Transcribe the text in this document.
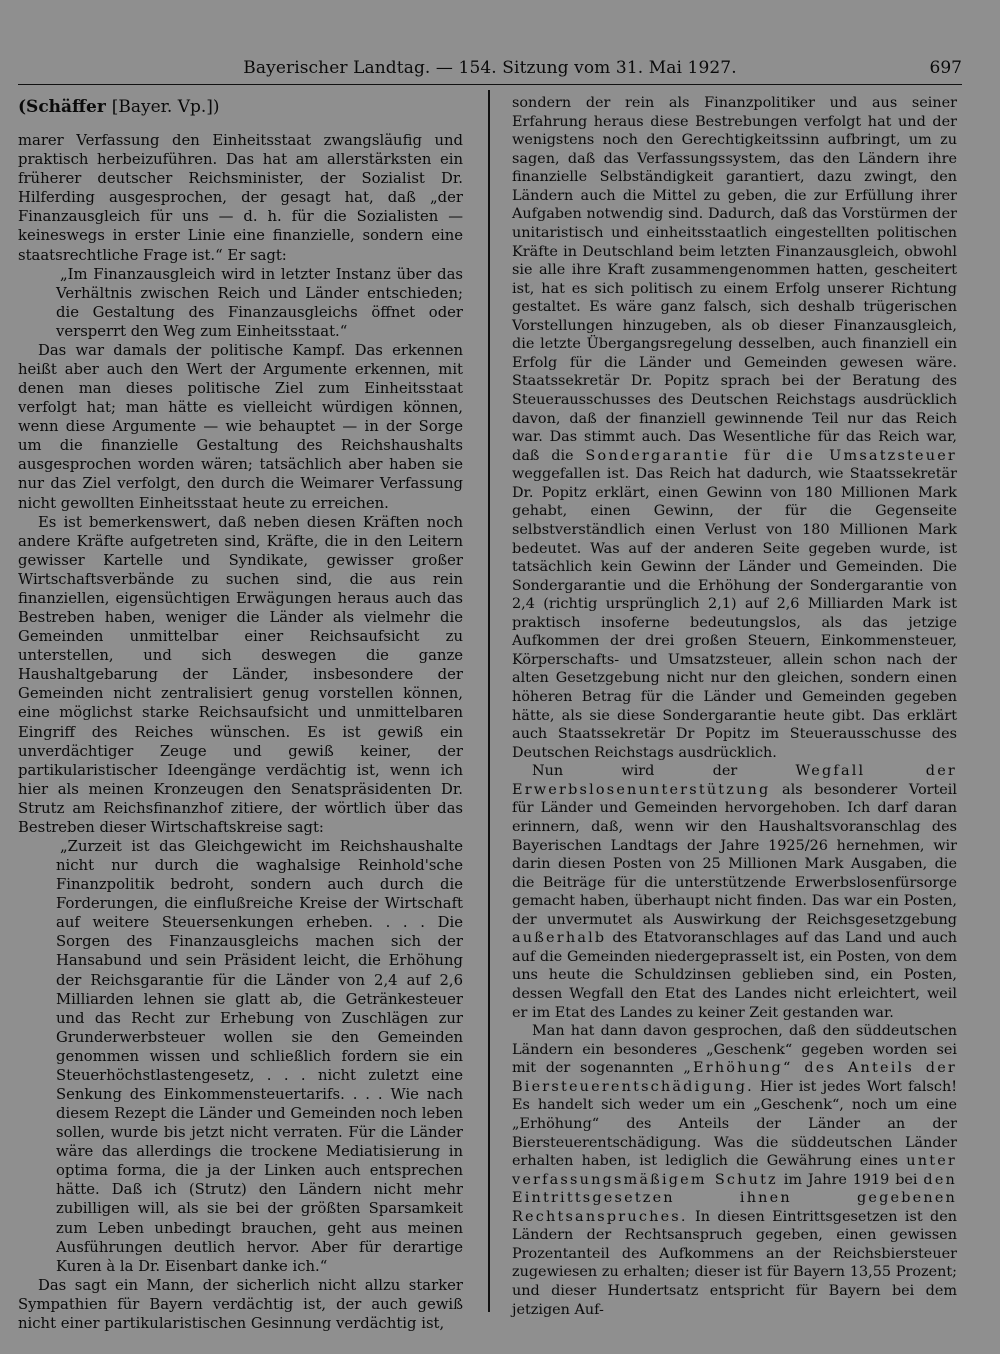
Bayerischer Landtag. — 154. Sitzung vom 31. Mai 1927.	697
(Schäffer [Bayer. Vp.])

marer Verfassung den Einheitsstaat zwangsläufig und praktisch herbeizuführen. Das hat am allerstärksten ein früherer deutscher Reichsminister, der Sozialist Dr. Hilferding ausgesprochen, der gesagt hat, daß „der Finanzausgleich für uns — d. h. für die Sozialisten — keineswegs in erster Linie eine finanzielle, sondern eine staatsrechtliche Frage ist.“ Er sagt:

„Im Finanzausgleich wird in letzter Instanz über das Verhältnis zwischen Reich und Länder entschieden; die Gestaltung des Finanzausgleichs öffnet oder versperrt den Weg zum Einheitsstaat.“

Das war damals der politische Kampf. Das erkennen heißt aber auch den Wert der Argumente erkennen, mit denen man dieses politische Ziel zum Einheitsstaat verfolgt hat; man hätte es vielleicht würdigen können, wenn diese Argumente — wie behauptet — in der Sorge um die finanzielle Gestaltung des Reichshaushalts ausgesprochen worden wären; tatsächlich aber haben sie nur das Ziel verfolgt, den durch die Weimarer Verfassung nicht gewollten Einheitsstaat heute zu erreichen.

Es ist bemerkenswert, daß neben diesen Kräften noch andere Kräfte aufgetreten sind, Kräfte, die in den Leitern gewisser Kartelle und Syndikate, gewisser großer Wirtschaftsverbände zu suchen sind, die aus rein finanziellen, eigensüchtigen Erwägungen heraus auch das Bestreben haben, weniger die Länder als vielmehr die Gemeinden unmittelbar einer Reichsaufsicht zu unterstellen, und sich deswegen die ganze Haushaltgebarung der Länder, insbesondere der Gemeinden nicht zentralisiert genug vorstellen können, eine möglichst starke Reichsaufsicht und unmittelbaren Eingriff des Reiches wünschen. Es ist gewiß ein unverdächtiger Zeuge und gewiß keiner, der partikularistischer Ideengänge verdächtig ist, wenn ich hier als meinen Kronzeugen den Senatspräsidenten Dr. Strutz am Reichsfinanzhof zitiere, der wörtlich über das Bestreben dieser Wirtschaftskreise sagt:

„Zurzeit ist das Gleichgewicht im Reichshaushalte nicht nur durch die waghalsige Reinhold'sche Finanzpolitik bedroht, sondern auch durch die Forderungen, die einflußreiche Kreise der Wirtschaft auf weitere Steuersenkungen erheben. . . . Die Sorgen des Finanzausgleichs machen sich der Hansabund und sein Präsident leicht, die Erhöhung der Reichsgarantie für die Länder von 2,4 auf 2,6 Milliarden lehnen sie glatt ab, die Getränkesteuer und das Recht zur Erhebung von Zuschlägen zur Grunderwerbsteuer wollen sie den Gemeinden genommen wissen und schließlich fordern sie ein Steuerhöchstlastengesetz, . . . nicht zuletzt eine Senkung des Einkommensteuertarifs. . . . Wie nach diesem Rezept die Länder und Gemeinden noch leben sollen, wurde bis jetzt nicht verraten. Für die Länder wäre das allerdings die trockene Mediatisierung in optima forma, die ja der Linken auch entsprechen hätte. Daß ich (Strutz) den Ländern nicht mehr zubilligen will, als sie bei der größten Sparsamkeit zum Leben unbedingt brauchen, geht aus meinen Ausführungen deutlich hervor. Aber für derartige Kuren à la Dr. Eisenbart danke ich.“

Das sagt ein Mann, der sicherlich nicht allzu starker Sympathien für Bayern verdächtig ist, der auch gewiß nicht einer partikularistischen Gesinnung verdächtig ist,

sondern der rein als Finanzpolitiker und aus seiner Erfahrung heraus diese Bestrebungen verfolgt hat und der wenigstens noch den Gerechtigkeitssinn aufbringt, um zu sagen, daß das Verfassungssystem, das den Ländern ihre finanzielle Selbständigkeit garantiert, dazu zwingt, den Ländern auch die Mittel zu geben, die zur Erfüllung ihrer Aufgaben notwendig sind. Dadurch, daß das Vorstürmen der unitaristisch und einheitsstaatlich eingestellten politischen Kräfte in Deutschland beim letzten Finanzausgleich, obwohl sie alle ihre Kraft zusammengenommen hatten, gescheitert ist, hat es sich politisch zu einem Erfolg unserer Richtung gestaltet. Es wäre ganz falsch, sich deshalb trügerischen Vorstellungen hinzugeben, als ob dieser Finanzausgleich, die letzte Übergangsregelung desselben, auch finanziell ein Erfolg für die Länder und Gemeinden gewesen wäre. Staatssekretär Dr. Popitz sprach bei der Beratung des Steuerausschusses des Deutschen Reichstags ausdrücklich davon, daß der finanziell gewinnende Teil nur das Reich war. Das stimmt auch. Das Wesentliche für das Reich war, daß die Sondergarantie für die Umsatzsteuer weggefallen ist. Das Reich hat dadurch, wie Staatssekretär Dr. Popitz erklärt, einen Gewinn von 180 Millionen Mark gehabt, einen Gewinn, der für die Gegenseite selbstverständlich einen Verlust von 180 Millionen Mark bedeutet. Was auf der anderen Seite gegeben wurde, ist tatsächlich kein Gewinn der Länder und Gemeinden. Die Sondergarantie und die Erhöhung der Sondergarantie von 2,4 (richtig ursprünglich 2,1) auf 2,6 Milliarden Mark ist praktisch insoferne bedeutungslos, als das jetzige Aufkommen der drei großen Steuern, Einkommensteuer, Körperschafts- und Umsatzsteuer, allein schon nach der alten Gesetzgebung nicht nur den gleichen, sondern einen höheren Betrag für die Länder und Gemeinden gegeben hätte, als sie diese Sondergarantie heute gibt. Das erklärt auch Staatssekretär Dr Popitz im Steuerausschusse des Deutschen Reichstags ausdrücklich.

Nun wird der	Wegfall der Erwerbslosenunterstützung als besonderer Vorteil für Länder und Gemeinden hervorgehoben. Ich darf daran erinnern, daß, wenn wir den Haushaltsvoranschlag des Bayerischen Landtags der Jahre 1925/26 hernehmen, wir darin diesen Posten von 25 Millionen Mark Ausgaben, die die Beiträge für die unterstützende Erwerbslosenfürsorge gemacht haben, überhaupt nicht finden. Das war ein Posten, der unvermutet als Auswirkung der Reichsgesetzgebung außerhalb des Etatvoranschlages auf das Land und auch auf die Gemeinden niedergeprasselt ist, ein Posten, von dem uns heute die Schuldzinsen geblieben sind, ein Posten, dessen Wegfall den Etat des Landes nicht erleichtert, weil er im Etat des Landes zu keiner Zeit gestanden war.

Man hat dann davon gesprochen, daß den süddeutschen Ländern ein besonderes „Geschenk“ gegeben worden sei mit der sogenannten „Erhöhung“ des Anteils der Biersteuerentschädigung. Hier ist jedes Wort falsch! Es handelt sich weder um ein „Geschenk“, noch um eine „Erhöhung“ des Anteils der Länder an der Biersteuerentschädigung. Was die süddeutschen Länder erhalten haben, ist lediglich die Gewährung eines unter verfassungsmäßigem Schutz im Jahre 1919 bei den Eintrittsgesetzen ihnen gegebenen Rechtsanspruches. In diesen Eintrittsgesetzen ist den Ländern der Rechtsanspruch gegeben, einen gewissen Prozentanteil des Aufkommens an der Reichsbiersteuer zugewiesen zu erhalten; dieser ist für Bayern 13,55 Prozent; und dieser Hundertsatz entspricht für Bayern bei dem jetzigen Auf-
